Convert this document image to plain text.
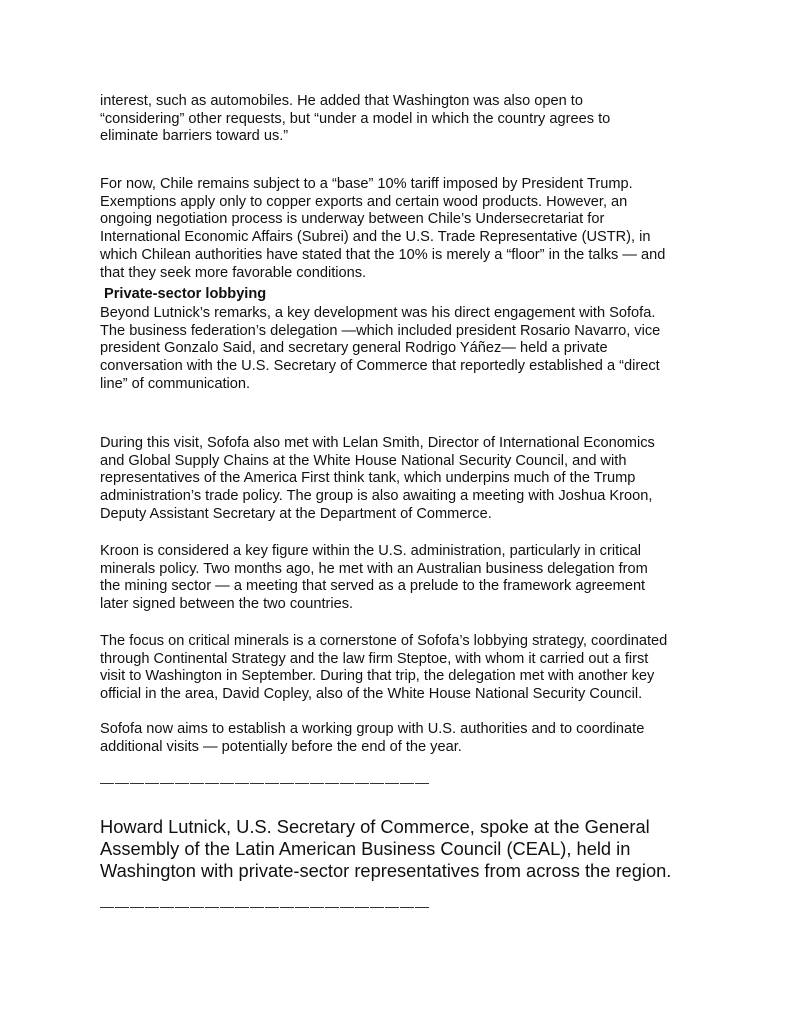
interest, such as automobiles. He added that Washington was also open to
“considering” other requests, but “under a model in which the country agrees to
eliminate barriers toward us.”
For now, Chile remains subject to a “base” 10% tariff imposed by President Trump.
Exemptions apply only to copper exports and certain wood products. However, an
ongoing negotiation process is underway between Chile’s Undersecretariat for
International Economic Affairs (Subrei) and the U.S. Trade Representative (USTR), in
which Chilean authorities have stated that the 10% is merely a “floor” in the talks — and
that they seek more favorable conditions.
Private-sector lobbying
Beyond Lutnick’s remarks, a key development was his direct engagement with Sofofa.
The business federation’s delegation —which included president Rosario Navarro, vice
president Gonzalo Said, and secretary general Rodrigo Yáñez— held a private
conversation with the U.S. Secretary of Commerce that reportedly established a “direct
line” of communication.
During this visit, Sofofa also met with Lelan Smith, Director of International Economics
and Global Supply Chains at the White House National Security Council, and with
representatives of the America First think tank, which underpins much of the Trump
administration’s trade policy. The group is also awaiting a meeting with Joshua Kroon,
Deputy Assistant Secretary at the Department of Commerce.
Kroon is considered a key figure within the U.S. administration, particularly in critical
minerals policy. Two months ago, he met with an Australian business delegation from
the mining sector — a meeting that served as a prelude to the framework agreement
later signed between the two countries.
The focus on critical minerals is a cornerstone of Sofofa’s lobbying strategy, coordinated
through Continental Strategy and the law firm Steptoe, with whom it carried out a first
visit to Washington in September. During that trip, the delegation met with another key
official in the area, David Copley, also of the White House National Security Council.
Sofofa now aims to establish a working group with U.S. authorities and to coordinate
additional visits — potentially before the end of the year.
——————————————————————
Howard Lutnick, U.S. Secretary of Commerce, spoke at the General
Assembly of the Latin American Business Council (CEAL), held in
Washington with private-sector representatives from across the region.
——————————————————————
